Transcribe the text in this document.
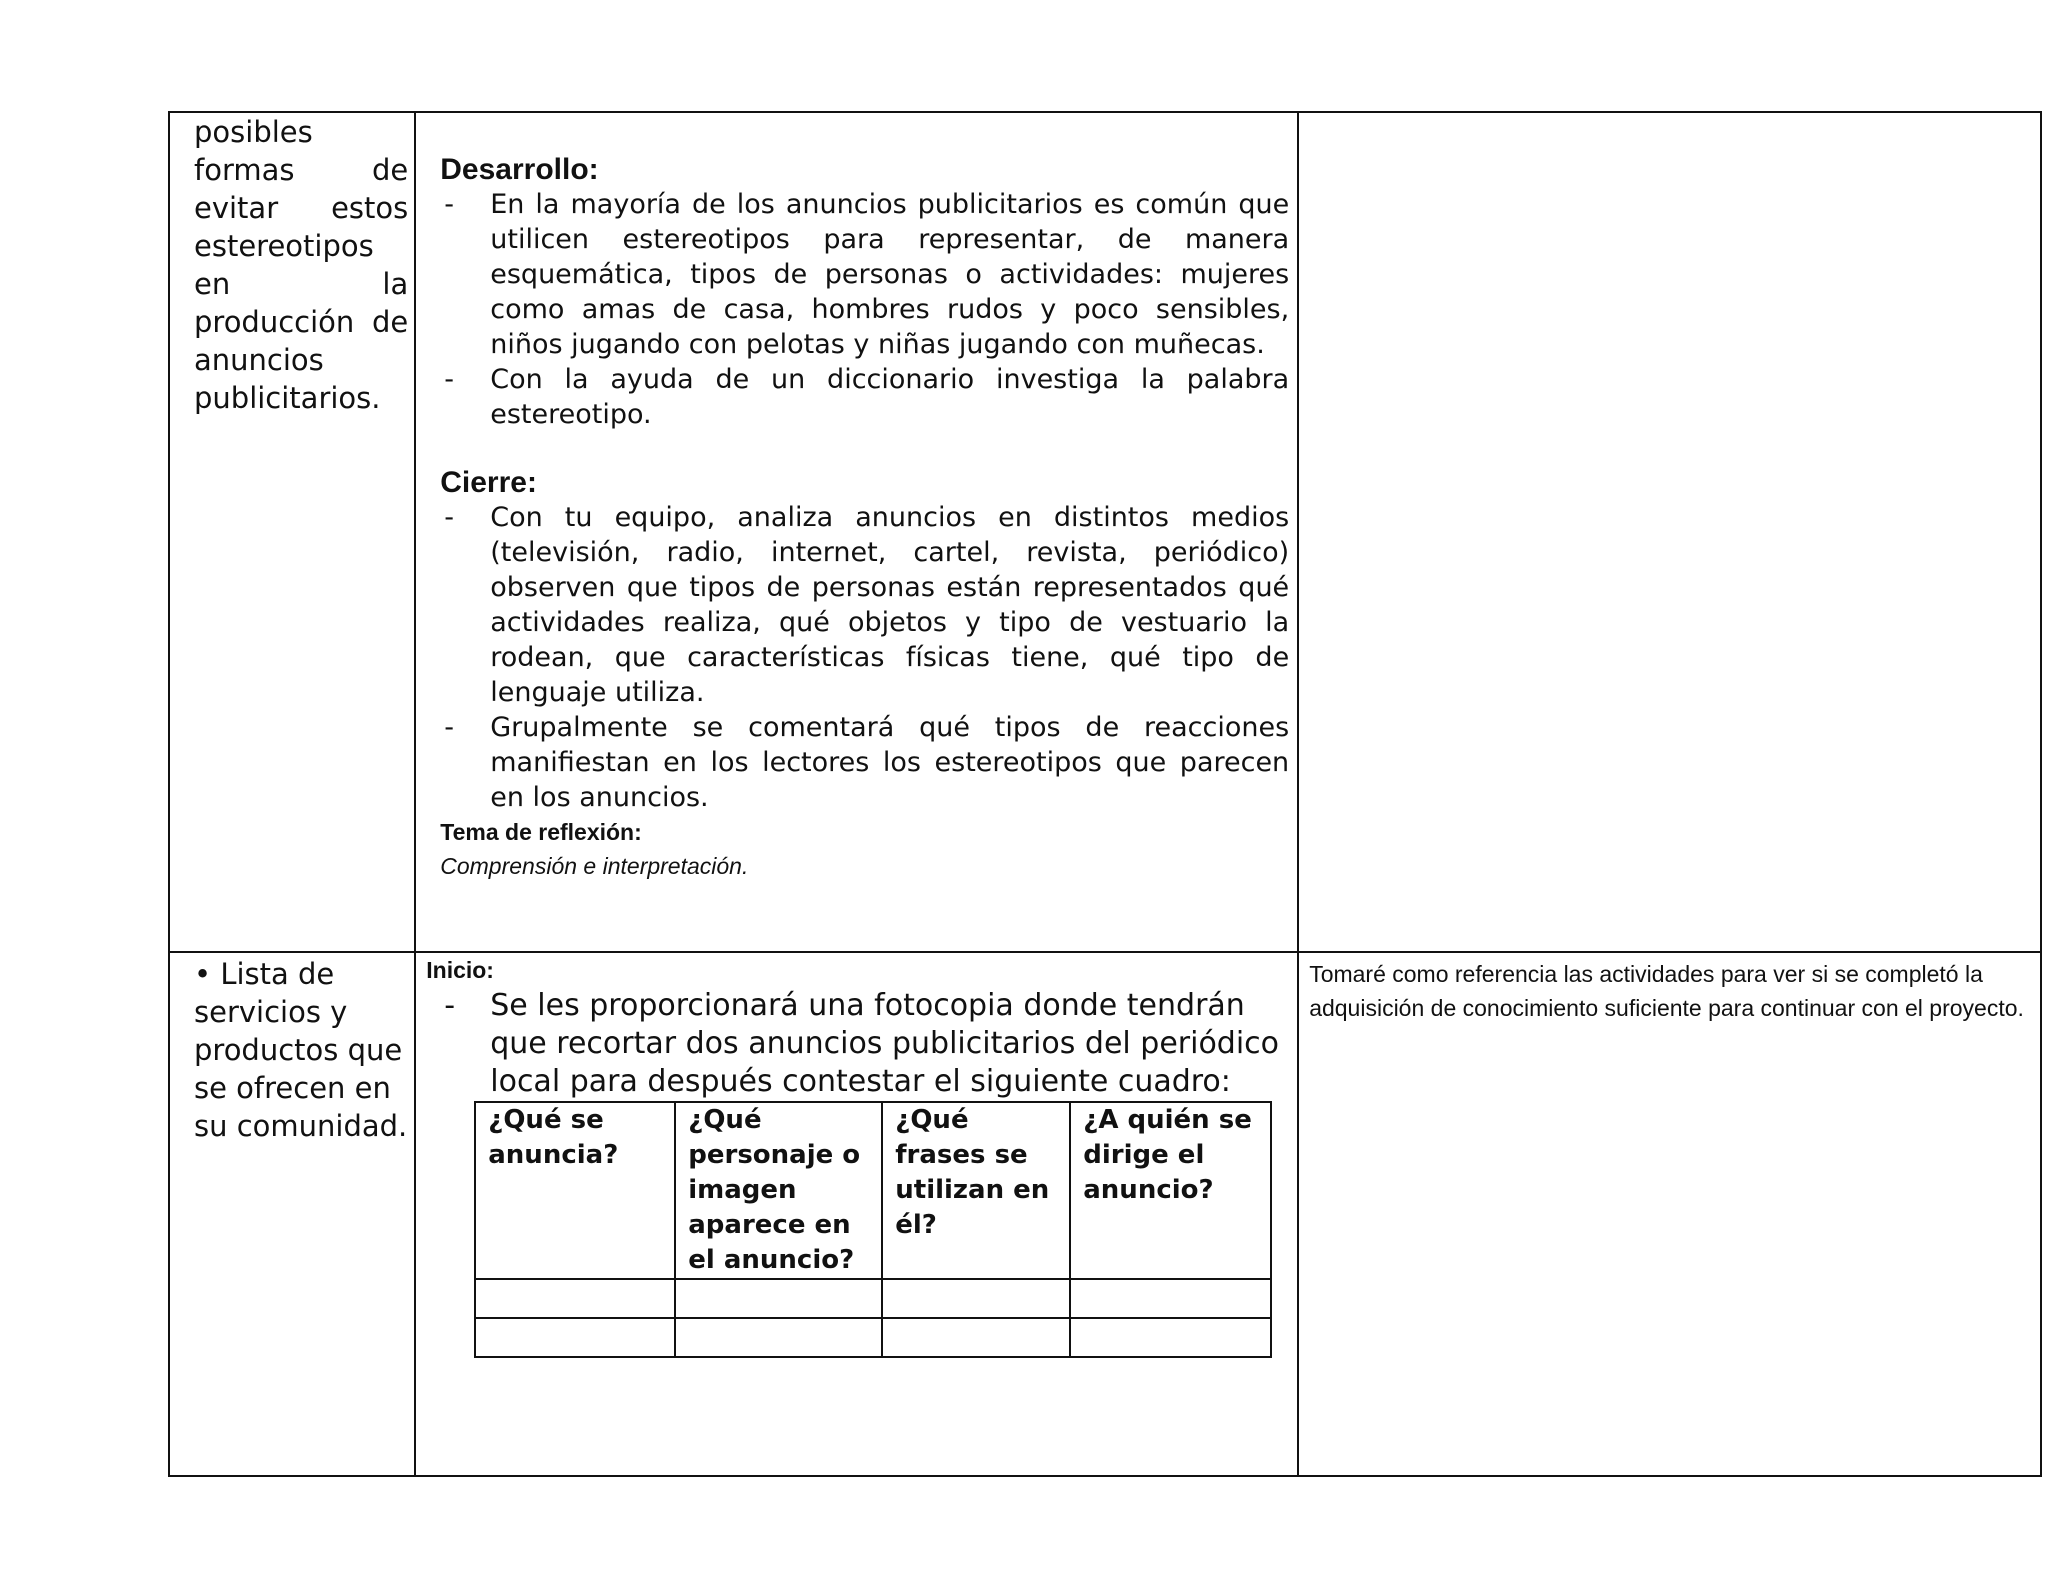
posibles formas de evitar estos estereotipos en la producción de anuncios publicitarios.

Desarrollo:

- En la mayoría de los anuncios publicitarios es común que utilicen estereotipos para representar, de manera esquemática, tipos de personas o actividades: mujeres como amas de casa, hombres rudos y poco sensibles, niños jugando con pelotas y niñas jugando con muñecas.
- Con la ayuda de un diccionario investiga la palabra estereotipo.

Cierre:

- Con tu equipo, analiza anuncios en distintos medios (televisión, radio, internet, cartel, revista, periódico) observen que tipos de personas están representados qué actividades realiza, qué objetos y tipo de vestuario la rodean, que características físicas tiene, qué tipo de lenguaje utiliza.
- Grupalmente se comentará qué tipos de reacciones manifiestan en los lectores los estereotipos que parecen en los anuncios.

Tema de reflexión:

Comprensión e interpretación.

• Lista de servicios y productos que se ofrecen en su comunidad.

Inicio:

- Se les proporcionará una fotocopia donde tendrán que recortar dos anuncios publicitarios del periódico local para después contestar el siguiente cuadro:
¿Qué se anuncia?	¿Qué personaje o imagen aparece en el anuncio?	¿Qué frases se utilizan en él?	¿A quién se dirige el anuncio?

Tomaré como referencia las actividades para ver si se completó la adquisición de conocimiento suficiente para continuar con el proyecto.
